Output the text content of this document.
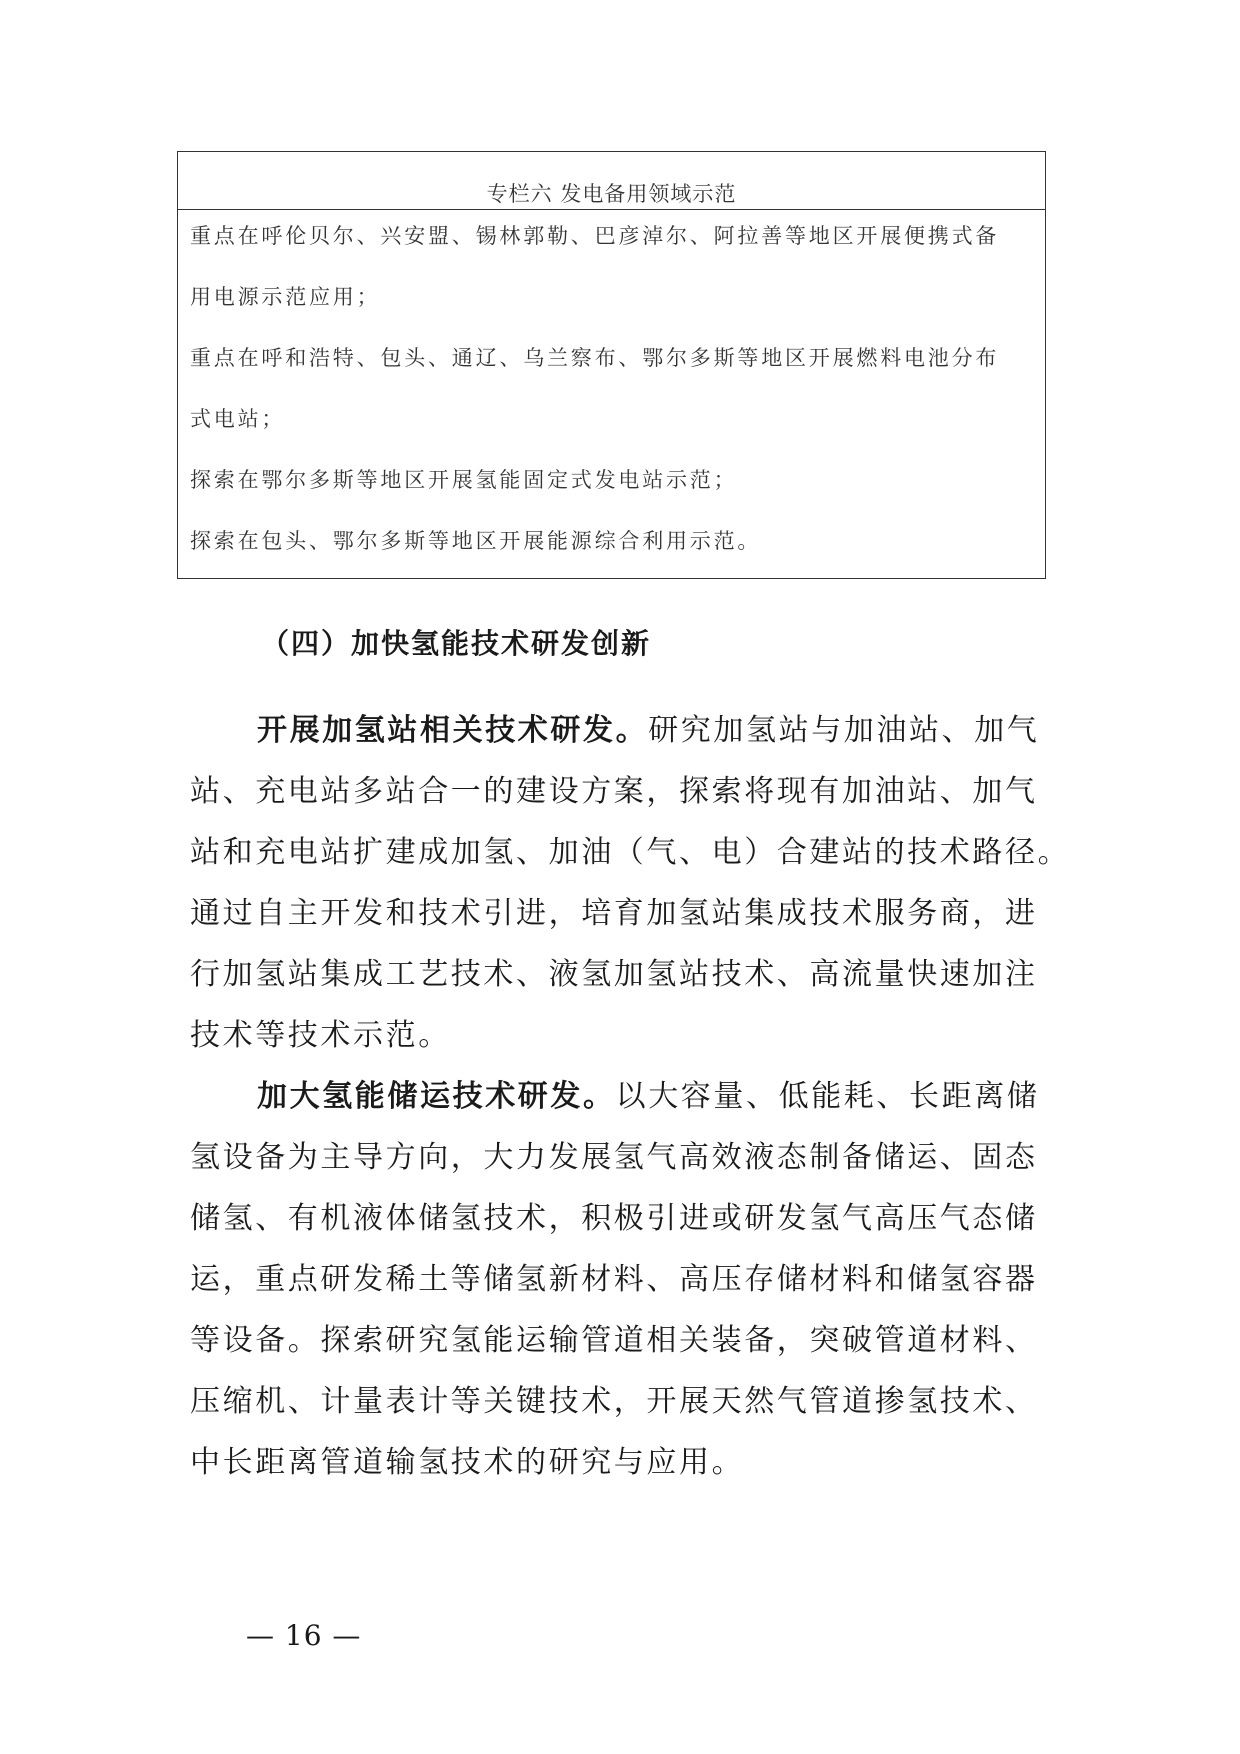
专栏六 发电备用领域示范
重点在呼伦贝尔、兴安盟、锡林郭勒、巴彦淖尔、阿拉善等地区开展便携式备
用电源示范应用；
重点在呼和浩特、包头、通辽、乌兰察布、鄂尔多斯等地区开展燃料电池分布
式电站；
探索在鄂尔多斯等地区开展氢能固定式发电站示范；
探索在包头、鄂尔多斯等地区开展能源综合利用示范。
（四）加快氢能技术研发创新
开展加氢站相关技术研发。研究加氢站与加油站、加气
站、充电站多站合一的建设方案，探索将现有加油站、加气
站和充电站扩建成加氢、加油（气、电）合建站的技术路径。
通过自主开发和技术引进，培育加氢站集成技术服务商，进
行加氢站集成工艺技术、液氢加氢站技术、高流量快速加注
技术等技术示范。
加大氢能储运技术研发。以大容量、低能耗、长距离储
氢设备为主导方向，大力发展氢气高效液态制备储运、固态
储氢、有机液体储氢技术，积极引进或研发氢气高压气态储
运，重点研发稀土等储氢新材料、高压存储材料和储氢容器
等设备。探索研究氢能运输管道相关装备，突破管道材料、
压缩机、计量表计等关键技术，开展天然气管道掺氢技术、
中长距离管道输氢技术的研究与应用。
— 16 —
